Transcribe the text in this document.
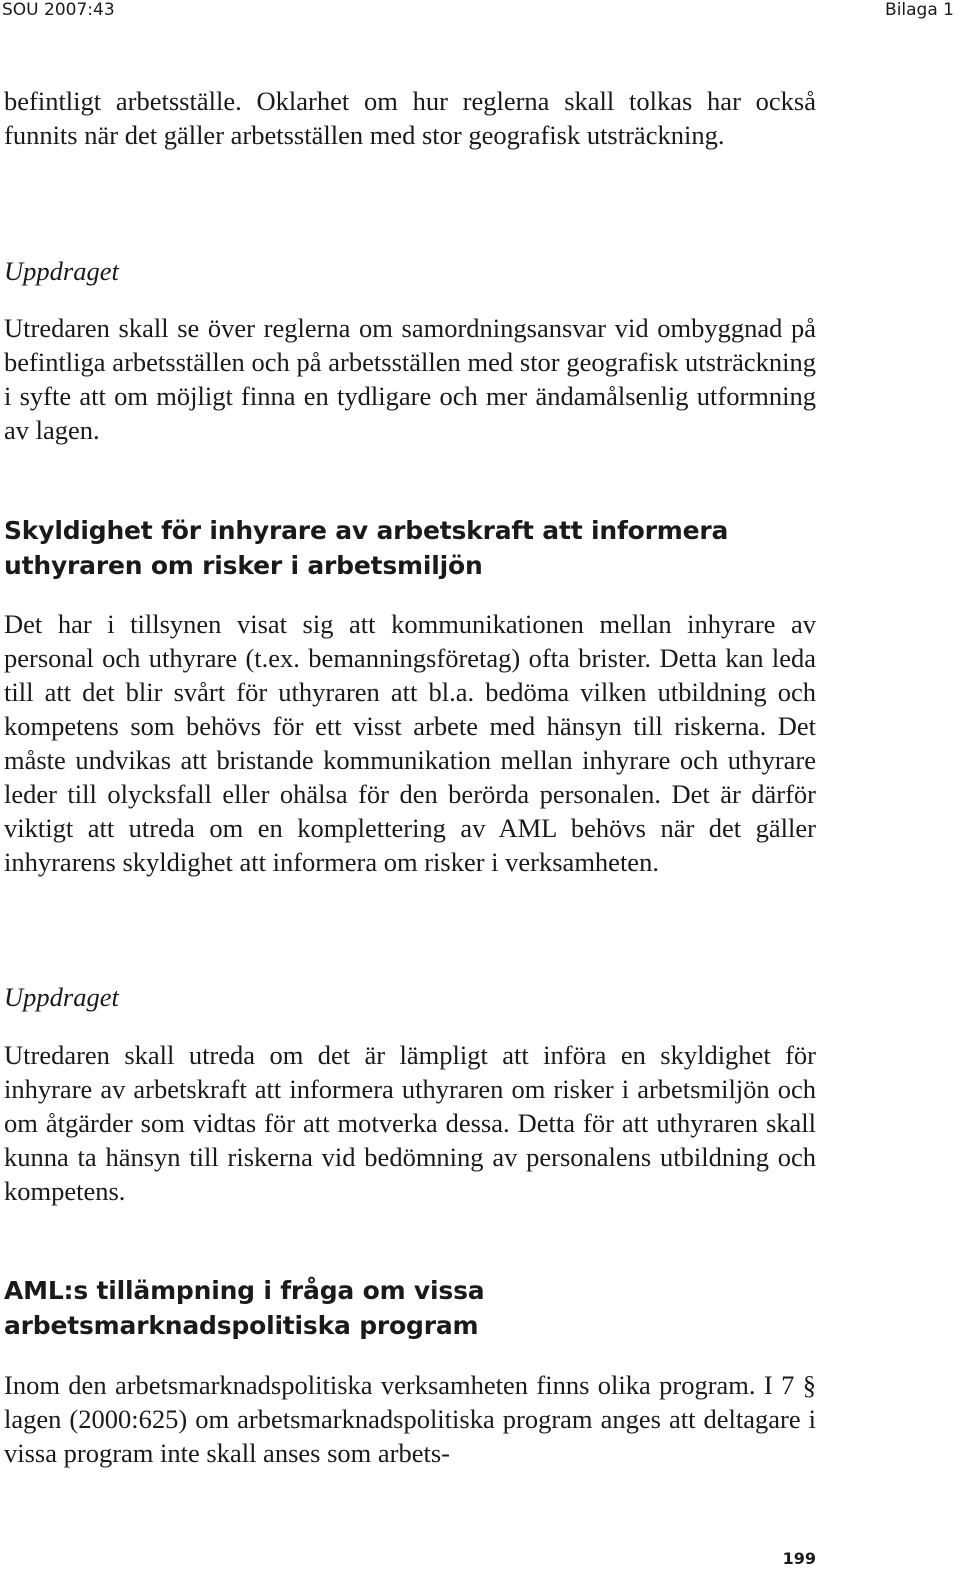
SOU 2007:43	Bilaga 1

befintligt arbetsställe. Oklarhet om hur reglerna skall tolkas har också funnits när det gäller arbetsställen med stor geografisk utsträckning.

Uppdraget

Utredaren skall se över reglerna om samordningsansvar vid ombyggnad på befintliga arbetsställen och på arbetsställen med stor geografisk utsträckning i syfte att om möjligt finna en tydligare och mer ändamålsenlig utformning av lagen.

Skyldighet för inhyrare av arbetskraft att informera uthyraren om risker i arbetsmiljön

Det har i tillsynen visat sig att kommunikationen mellan inhyrare av personal och uthyrare (t.ex. bemanningsföretag) ofta brister. Detta kan leda till att det blir svårt för uthyraren att bl.a. bedöma vilken utbildning och kompetens som behövs för ett visst arbete med hänsyn till riskerna. Det måste undvikas att bristande kommunikation mellan inhyrare och uthyrare leder till olycksfall eller ohälsa för den berörda personalen. Det är därför viktigt att utreda om en komplettering av AML behövs när det gäller inhyrarens skyldighet att informera om risker i verksamheten.

Uppdraget

Utredaren skall utreda om det är lämpligt att införa en skyldighet för inhyrare av arbetskraft att informera uthyraren om risker i arbetsmiljön och om åtgärder som vidtas för att motverka dessa. Detta för att uthyraren skall kunna ta hänsyn till riskerna vid bedömning av personalens utbildning och kompetens.

AML:s tillämpning i fråga om vissa arbetsmarknadspolitiska program

Inom den arbetsmarknadspolitiska verksamheten finns olika program. I 7 § lagen (2000:625) om arbetsmarknadspolitiska program anges att deltagare i vissa program inte skall anses som arbets-

199
